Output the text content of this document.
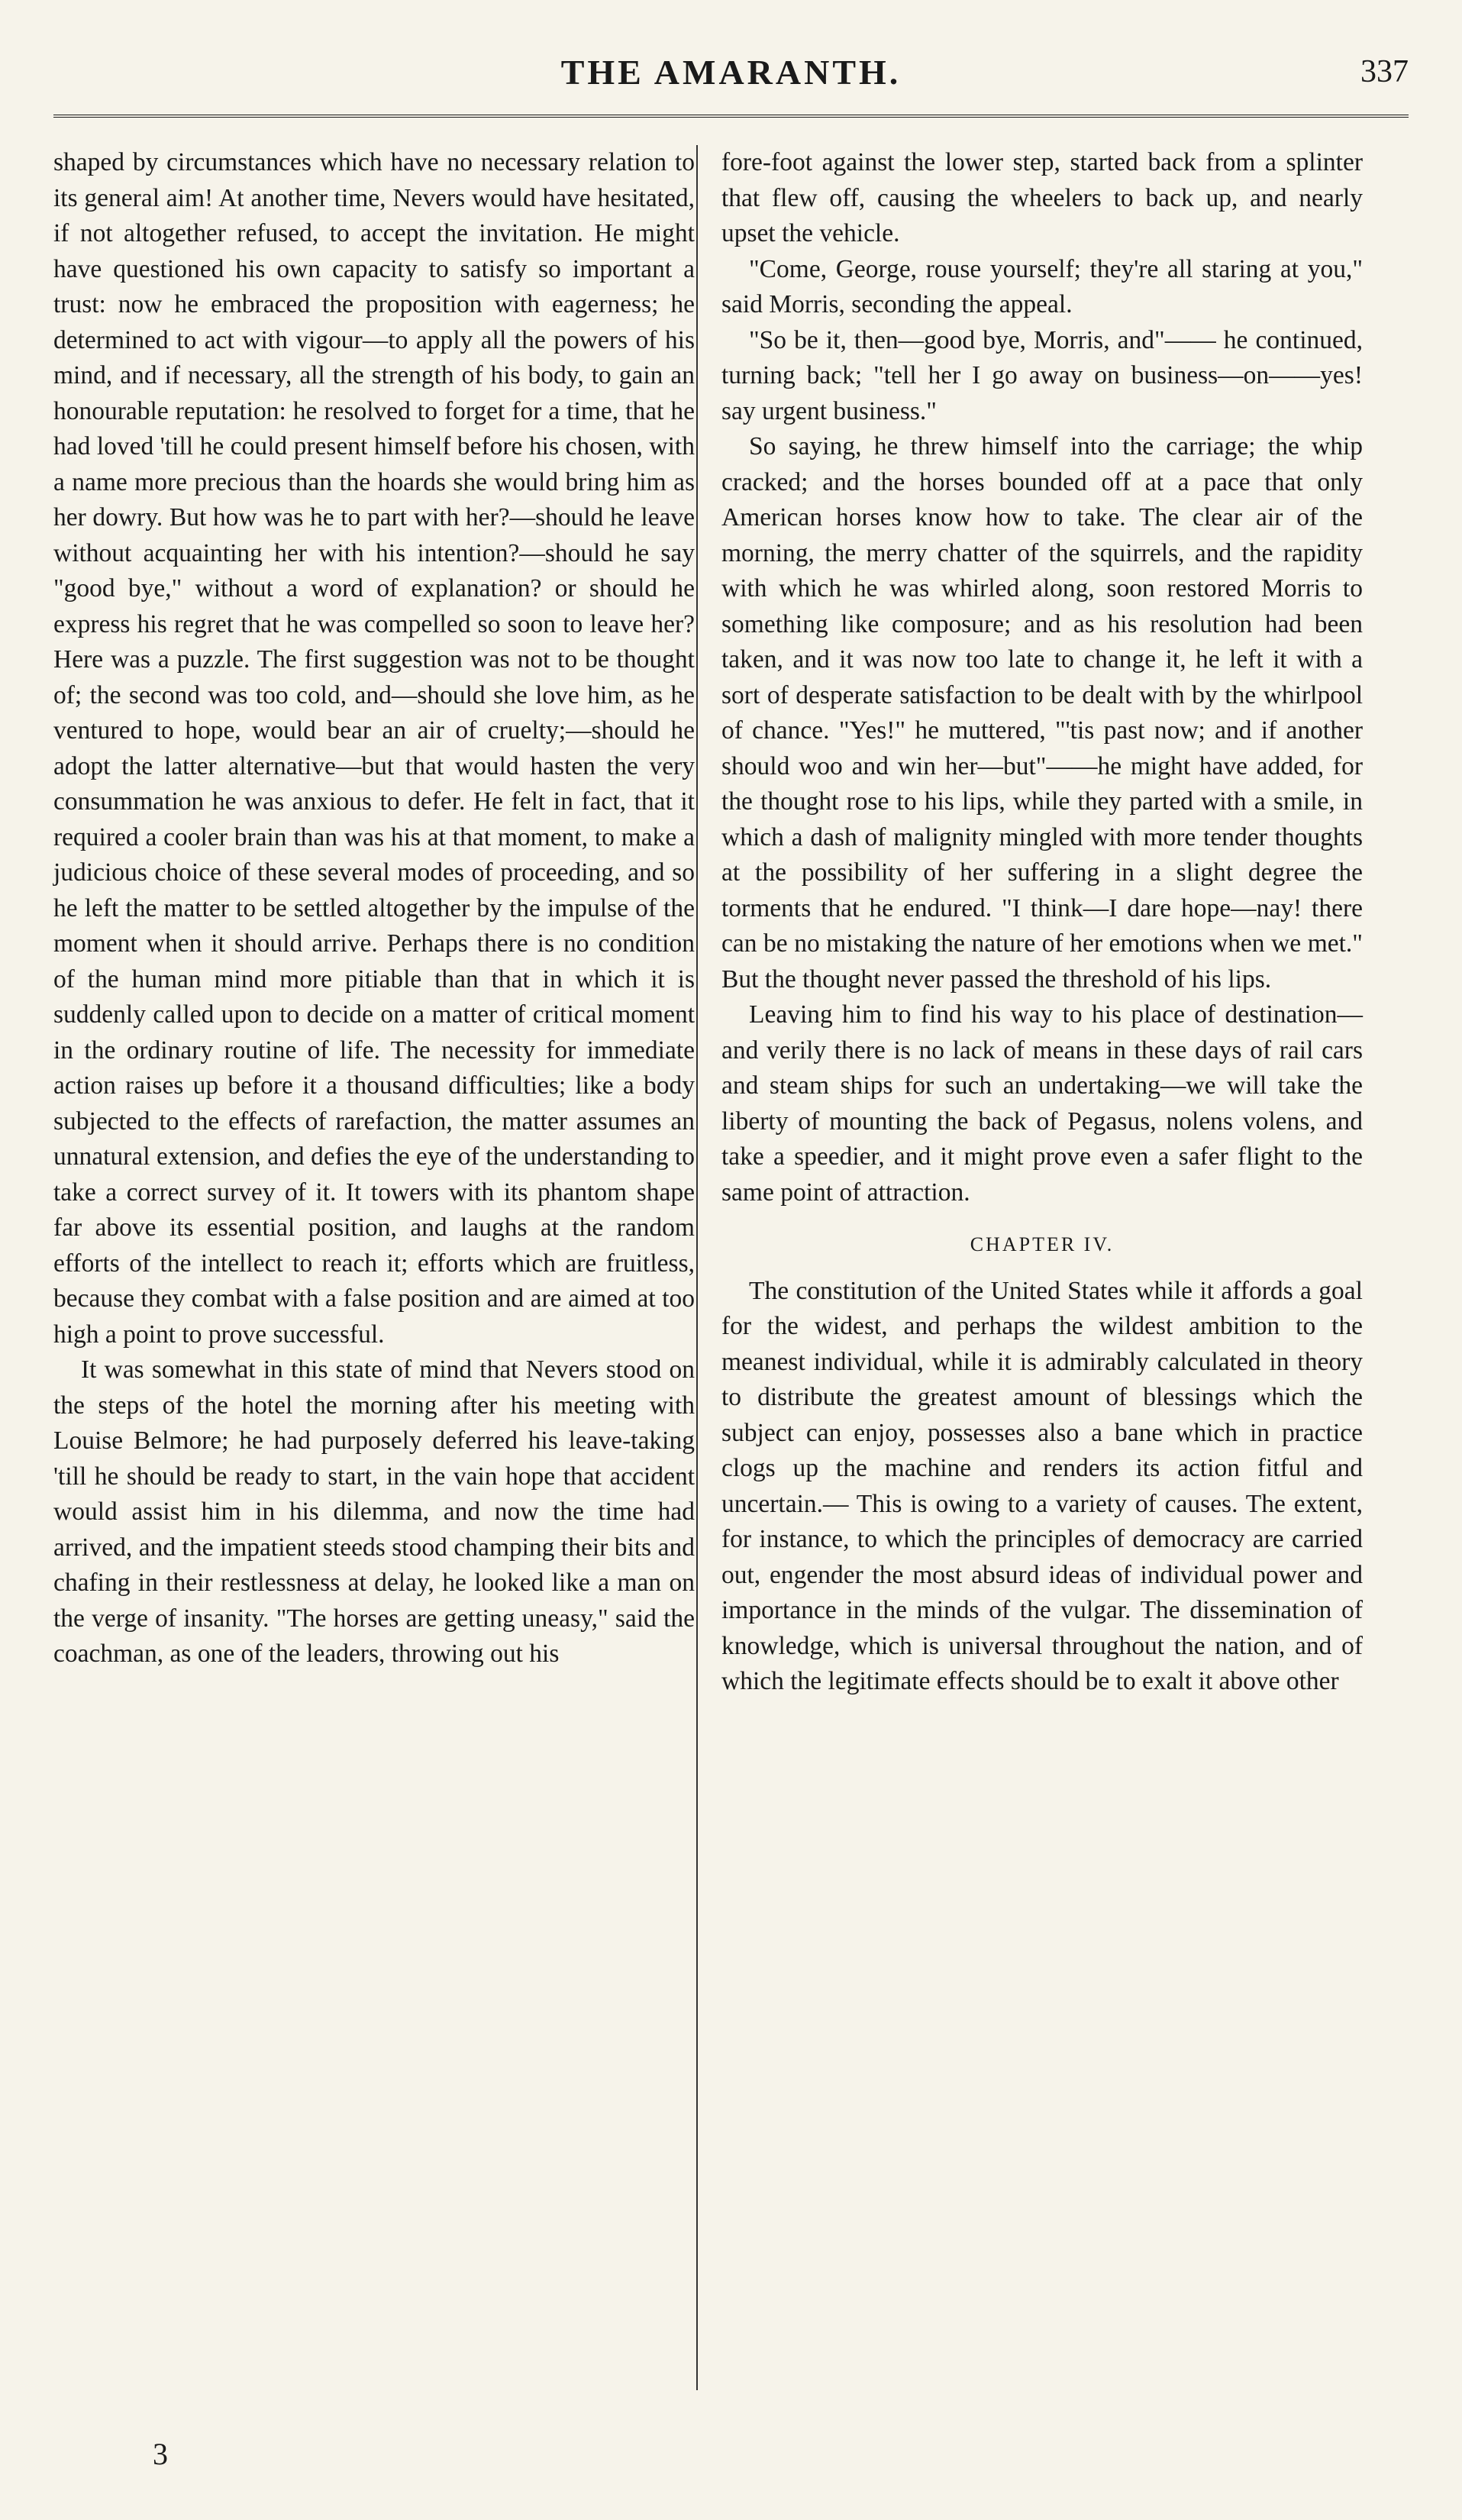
THE AMARANTH.	337

shaped by circumstances which have no necessary relation to its general aim! At another time, Nevers would have hesitated, if not altogether refused, to accept the invitation. He might have questioned his own capacity to satisfy so important a trust: now he embraced the proposition with eagerness; he determined to act with vigour—to apply all the powers of his mind, and if necessary, all the strength of his body, to gain an honourable reputation: he resolved to forget for a time, that he had loved 'till he could present himself before his chosen, with a name more precious than the hoards she would bring him as her dowry. But how was he to part with her?—should he leave without acquainting her with his intention?—should he say "good bye," without a word of explanation? or should he express his regret that he was compelled so soon to leave her? Here was a puzzle. The first suggestion was not to be thought of; the second was too cold, and—should she love him, as he ventured to hope, would bear an air of cruelty;—should he adopt the latter alternative—but that would hasten the very consummation he was anxious to defer. He felt in fact, that it required a cooler brain than was his at that moment, to make a judicious choice of these several modes of proceeding, and so he left the matter to be settled altogether by the impulse of the moment when it should arrive. Perhaps there is no condition of the human mind more pitiable than that in which it is suddenly called upon to decide on a matter of critical moment in the ordinary routine of life. The necessity for immediate action raises up before it a thousand difficulties; like a body subjected to the effects of rarefaction, the matter assumes an unnatural extension, and defies the eye of the understanding to take a correct survey of it. It towers with its phantom shape far above its essential position, and laughs at the random efforts of the intellect to reach it; efforts which are fruitless, because they combat with a false position and are aimed at too high a point to prove successful.

It was somewhat in this state of mind that Nevers stood on the steps of the hotel the morning after his meeting with Louise Belmore; he had purposely deferred his leave-taking 'till he should be ready to start, in the vain hope that accident would assist him in his dilemma, and now the time had arrived, and the impatient steeds stood champing their bits and chafing in their restlessness at delay, he looked like a man on the verge of insanity. "The horses are getting uneasy," said the coachman, as one of the leaders, throwing out his

fore-foot against the lower step, started back from a splinter that flew off, causing the wheelers to back up, and nearly upset the vehicle.

"Come, George, rouse yourself; they're all staring at you," said Morris, seconding the appeal.

"So be it, then—good bye, Morris, and"—— he continued, turning back; "tell her I go away on business—on——yes! say urgent business."

So saying, he threw himself into the carriage; the whip cracked; and the horses bounded off at a pace that only American horses know how to take. The clear air of the morning, the merry chatter of the squirrels, and the rapidity with which he was whirled along, soon restored Morris to something like composure; and as his resolution had been taken, and it was now too late to change it, he left it with a sort of desperate satisfaction to be dealt with by the whirlpool of chance. "Yes!" he muttered, "'tis past now; and if another should woo and win her—but"——he might have added, for the thought rose to his lips, while they parted with a smile, in which a dash of malignity mingled with more tender thoughts at the possibility of her suffering in a slight degree the torments that he endured. "I think—I dare hope—nay! there can be no mistaking the nature of her emotions when we met." But the thought never passed the threshold of his lips.

Leaving him to find his way to his place of destination—and verily there is no lack of means in these days of rail cars and steam ships for such an undertaking—we will take the liberty of mounting the back of Pegasus, nolens volens, and take a speedier, and it might prove even a safer flight to the same point of attraction.

CHAPTER IV.

The constitution of the United States while it affords a goal for the widest, and perhaps the wildest ambition to the meanest individual, while it is admirably calculated in theory to distribute the greatest amount of blessings which the subject can enjoy, possesses also a bane which in practice clogs up the machine and renders its action fitful and uncertain.— This is owing to a variety of causes. The extent, for instance, to which the principles of democracy are carried out, engender the most absurd ideas of individual power and importance in the minds of the vulgar. The dissemination of knowledge, which is universal throughout the nation, and of which the legitimate effects should be to exalt it above other

3
